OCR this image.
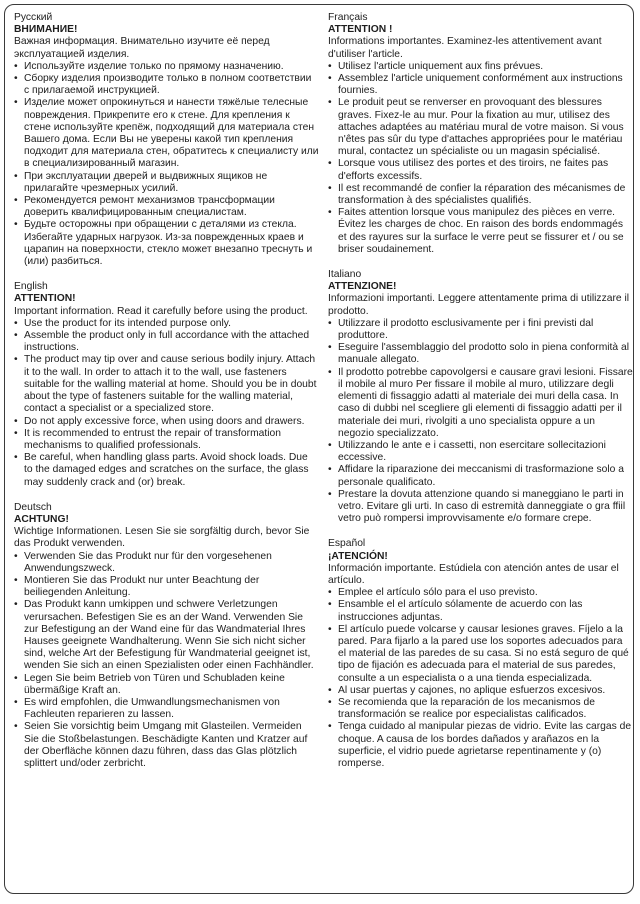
Русский

ВНИМАНИЕ!

Важная информация. Внимательно изучите её перед эксплуатацией изделия.

• Используйте изделие только по прямому назначению.
• Сборку изделия производите только в полном соответствии с прилагаемой инструкцией.
• Изделие может опрокинуться и нанести тяжёлые телесные повреждения. Прикрепите его к стене. Для крепления к стене используйте крепёж, подходящий для материала стен Вашего дома. Если Вы не уверены какой тип крепления подходит для материала стен, обратитесь к специалисту или в специализированный магазин.
• При эксплуатации дверей и выдвижных ящиков не прилагайте чрезмерных усилий.
• Рекомендуется ремонт механизмов трансформации доверить квалифицированным специалистам.
• Будьте осторожны при обращении с деталями из стекла. Избегайте ударных нагрузок. Из-за поврежденных краев и царапин на поверхности, стекло может внезапно треснуть и (или) разбиться.

English

ATTENTION!

Important information. Read it carefully before using the product.

• Use the product for its intended purpose only.
• Assemble the product only in full accordance with the attached instructions.
• The product may tip over and cause serious bodily injury. Attach it to the wall. In order to attach it to the wall, use fasteners suitable for the walling material at home. Should you be in doubt about the type of fasteners suitable for the walling material, contact a specialist or a specialized store.
• Do not apply excessive force, when using doors and drawers.
• It is recommended to entrust the repair of transformation mechanisms to qualified professionals.
• Be careful, when handling glass parts. Avoid shock loads. Due to the damaged edges and scratches on the surface, the glass may suddenly crack and (or) break.

Deutsch

ACHTUNG!

Wichtige Informationen. Lesen Sie sie sorgfältig durch, bevor Sie das Produkt verwenden.

• Verwenden Sie das Produkt nur für den vorgesehenen Anwendungszweck.
• Montieren Sie das Produkt nur unter Beachtung der beiliegenden Anleitung.
• Das Produkt kann umkippen und schwere Verletzungen verursachen. Befestigen Sie es an der Wand. Verwenden Sie zur Befestigung an der Wand eine für das Wandmaterial Ihres Hauses geeignete Wandhalterung. Wenn Sie sich nicht sicher sind, welche Art der Befestigung für Wandmaterial geeignet ist, wenden Sie sich an einen Spezialisten oder einen Fachhändler.
• Legen Sie beim Betrieb von Türen und Schubladen keine übermäßige Kraft an.
• Es wird empfohlen, die Umwandlungsmechanismen von Fachleuten reparieren zu lassen.
• Seien Sie vorsichtig beim Umgang mit Glasteilen. Vermeiden Sie die Stoßbelastungen. Beschädigte Kanten und Kratzer auf der Oberfläche können dazu führen, dass das Glas plötzlich splittert und/oder zerbricht.

Français

ATTENTION !

Informations importantes. Examinez-les attentivement avant d'utiliser l'article.

• Utilisez l'article uniquement aux fins prévues.
• Assemblez l'article uniquement conformément aux instructions fournies.
• Le produit peut se renverser en provoquant des blessures graves. Fixez-le au mur. Pour la fixation au mur, utilisez des attaches adaptées au matériau mural de votre maison. Si vous n'êtes pas sûr du type d'attaches appropriées pour le matériau mural, contactez un spécialiste ou un magasin spécialisé.
• Lorsque vous utilisez des portes et des tiroirs, ne faites pas d'efforts excessifs.
• Il est recommandé de confier la réparation des mécanismes de transformation à des spécialistes qualifiés.
• Faites attention lorsque vous manipulez des pièces en verre. Évitez les charges de choc. En raison des bords endommagés et des rayures sur la surface le verre peut se fissurer et / ou se briser soudainement.

Italiano

ATTENZIONE!

Informazioni importanti. Leggere attentamente prima di utilizzare il prodotto.

• Utilizzare il prodotto esclusivamente per i fini previsti dal produttore.
• Eseguire l'assemblaggio del prodotto solo in piena conformità al manuale allegato.
• Il prodotto potrebbe capovolgersi e causare gravi lesioni. Fissare il mobile al muro Per fissare il mobile al muro, utilizzare degli elementi di fissaggio adatti al materiale dei muri della casa. In caso di dubbi nel scegliere gli elementi di fissaggio adatti per il materiale dei muri, rivolgiti a uno specialista oppure a un negozio specializzato.
• Utilizzando le ante e i cassetti, non esercitare sollecitazioni eccessive.
• Affidare la riparazione dei meccanismi di trasformazione solo a personale qualificato.
• Prestare la dovuta attenzione quando si maneggiano le parti in vetro. Evitare gli urti. In caso di estremità danneggiate o gra ffiil vetro può rompersi improvvisamente e/o formare crepe.

Español

¡ATENCIÓN!

Información importante. Estúdiela con atención antes de usar el artículo.

• Emplee el artículo sólo para el uso previsto.
• Ensamble el el artículo sólamente de acuerdo con las instrucciones adjuntas.
• El artículo puede volcarse y causar lesiones graves. Fíjelo a la pared. Para fijarlo a la pared use los soportes adecuados para el material de las paredes de su casa. Si no está seguro de qué tipo de fijación es adecuada para el material de sus paredes, consulte a un especialista o a una tienda especializada.
• Al usar puertas y cajones, no aplique esfuerzos excesivos.
• Se recomienda que la reparación de los mecanismos de transformación se realice por especialistas calificados.
• Tenga cuidado al manipular piezas de vidrio. Evite las cargas de choque. A causa de los bordes dañados y arañazos en la superficie, el vidrio puede agrietarse repentinamente y (o) romperse.
